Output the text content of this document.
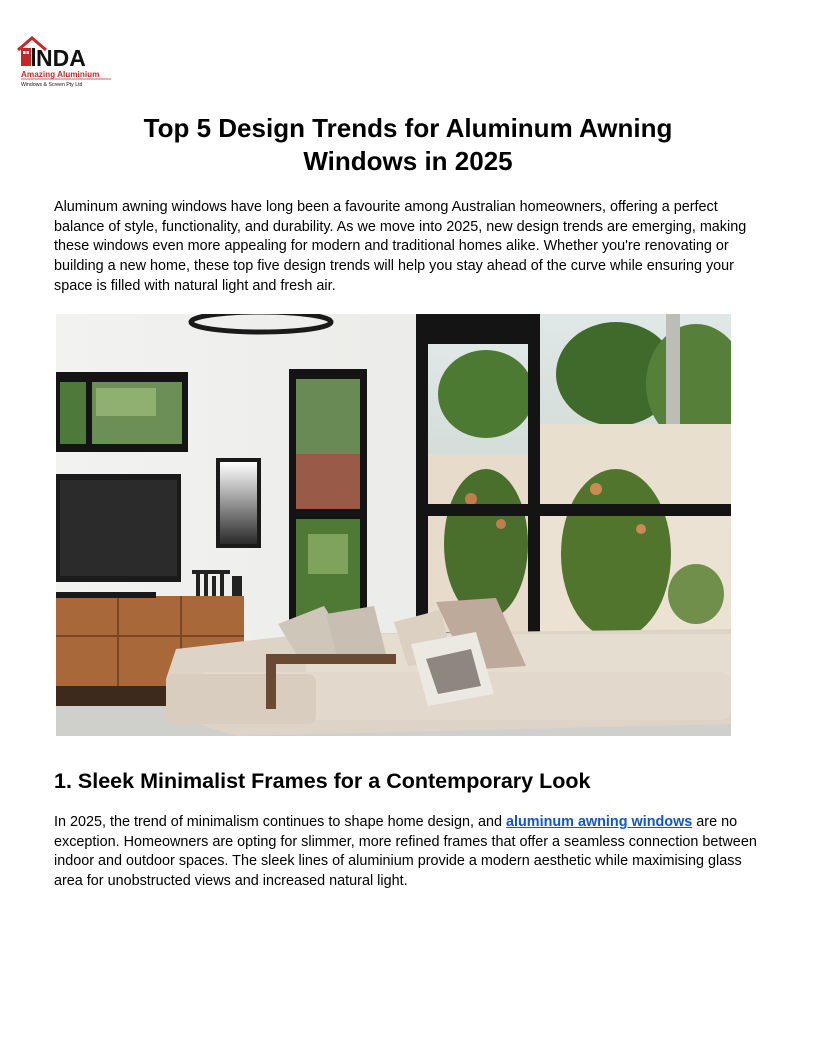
NDA
Amazing Aluminium
Windows & Screen Pty Ltd
Top 5 Design Trends for Aluminum Awning
Windows in 2025

Aluminum awning windows have long been a favourite among Australian homeowners, offering a perfect balance of style, functionality, and durability. As we move into 2025, new design trends are emerging, making these windows even more appealing for modern and traditional homes alike. Whether you're renovating or building a new home, these top five design trends will help you stay ahead of the curve while ensuring your space is filled with natural light and fresh air.

1. Sleek Minimalist Frames for a Contemporary Look

In 2025, the trend of minimalism continues to shape home design, and aluminum awning windows are no exception. Homeowners are opting for slimmer, more refined frames that offer a seamless connection between indoor and outdoor spaces. The sleek lines of aluminium provide a modern aesthetic while maximising glass area for unobstructed views and increased natural light.
